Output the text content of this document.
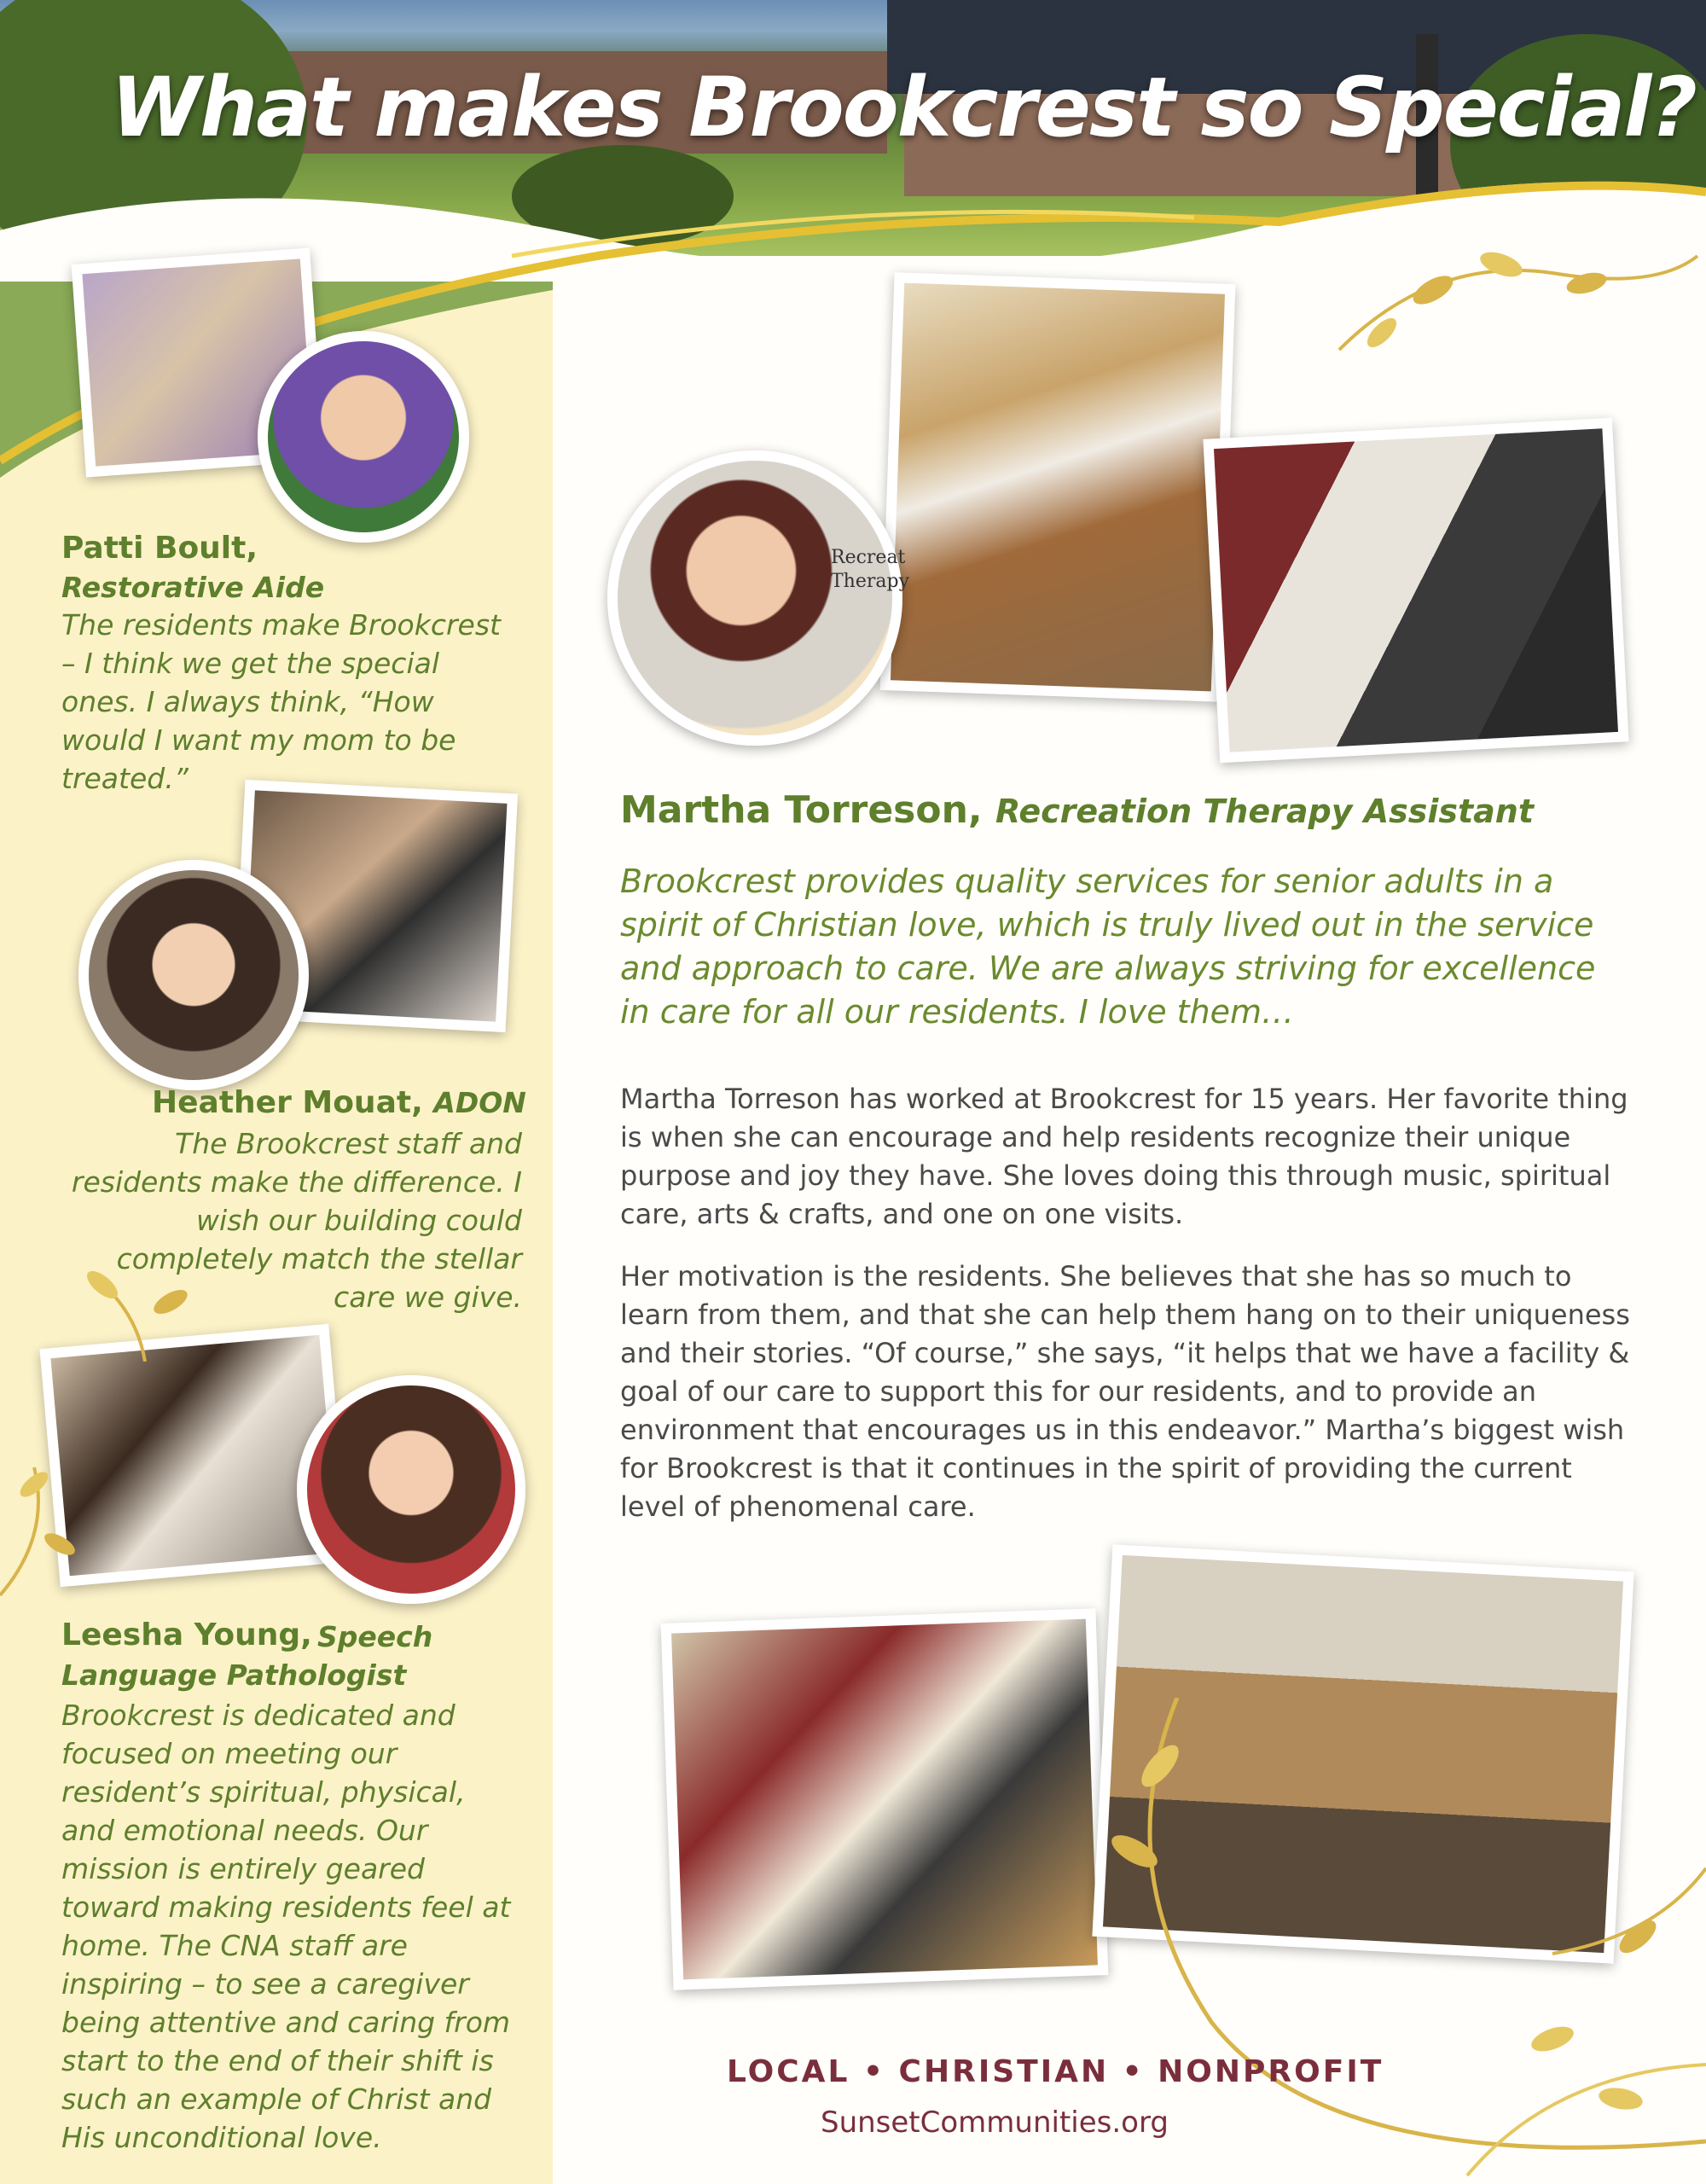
What makes Brookcrest so Special?
Patti Boult,
Restorative Aide
The residents make Brookcrest – I think we get the special ones. I always think, “How would I want my mom to be treated.”
Heather Mouat, ADON
The Brookcrest staff and residents make the difference. I wish our building could completely match the stellar care we give.
Leesha Young, Speech Language Pathologist
Brookcrest is dedicated and focused on meeting our resident’s spiritual, physical, and emotional needs. Our mission is entirely geared toward making residents feel at home. The CNA staff are inspiring – to see a caregiver being attentive and caring from start to the end of their shift is such an example of Christ and His unconditional love.
Recreat
Therapy
Martha Torreson, Recreation Therapy Assistant
Brookcrest provides quality services for senior adults in a spirit of Christian love, which is truly lived out in the service and approach to care. We are always striving for excellence in care for all our residents. I love them…
Martha Torreson has worked at Brookcrest for 15 years. Her favorite thing is when she can encourage and help residents recognize their unique purpose and joy they have. She loves doing this through music, spiritual care, arts & crafts, and one on one visits.
Her motivation is the residents. She believes that she has so much to learn from them, and that she can help them hang on to their uniqueness and their stories. “Of course,” she says, “it helps that we have a facility & goal of our care to support this for our residents, and to provide an environment that encourages us in this endeavor.” Martha’s biggest wish for Brookcrest is that it continues in the spirit of providing the current level of phenomenal care.
LOCAL • CHRISTIAN • NONPROFIT
SunsetCommunities.org
